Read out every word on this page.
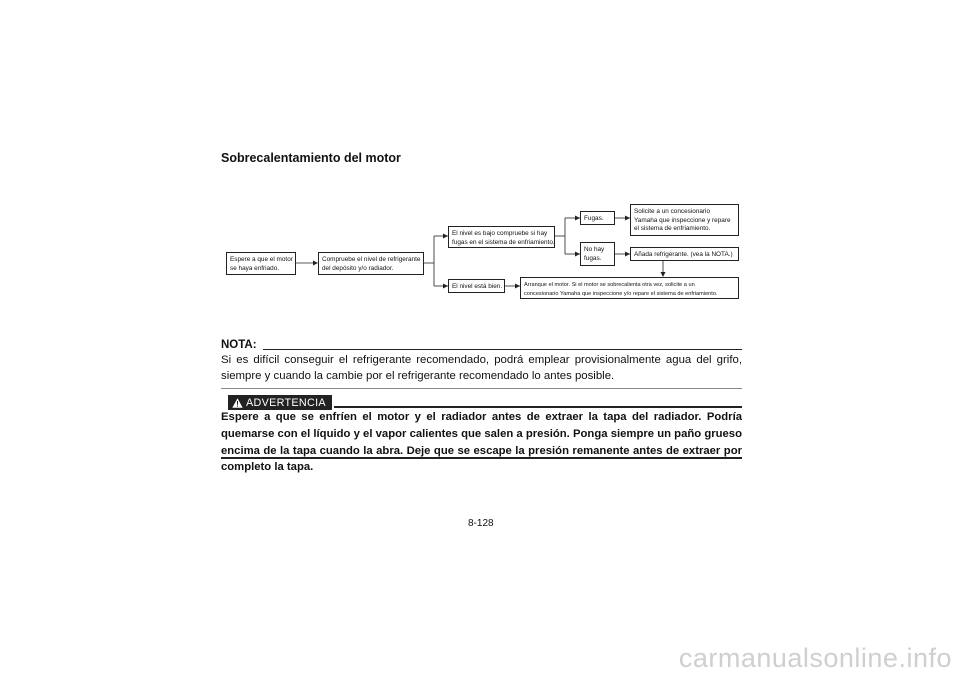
Sobrecalentamiento del motor
Espere a que el motor
se haya enfriado.
Compruebe el nivel de refrigerante
del depósito y/o radiador.
El nivel es bajo compruebe si hay
fugas en el sistema de enfriamiento.
El nivel está bien.
Fugas.
No hay
fugas.
Solicite a un concesionario
Yamaha que inspeccione y repare
el sistema de enfriamiento.
Añada refrigerante. (vea la NOTA.)
Arranque el motor. Si el motor se sobrecalienta otra vez, solicite a un
concesionario Yamaha que inspeccione y/o repare el sistema de enfriamiento.
NOTA:
Si es difícil conseguir el refrigerante recomendado, podrá emplear provisionalmente agua del grifo, siempre y cuando la cambie por el refrigerante recomendado lo antes posible.
ADVERTENCIA
Espere a que se enfríen el motor y el radiador antes de extraer la tapa del radiador. Podría quemarse con el líquido y el vapor calientes que salen a presión. Ponga siempre un paño grueso encima de la tapa cuando la abra. Deje que se escape la presión remanente antes de extraer por completo la tapa.
8-128
carmanualsonline.info
